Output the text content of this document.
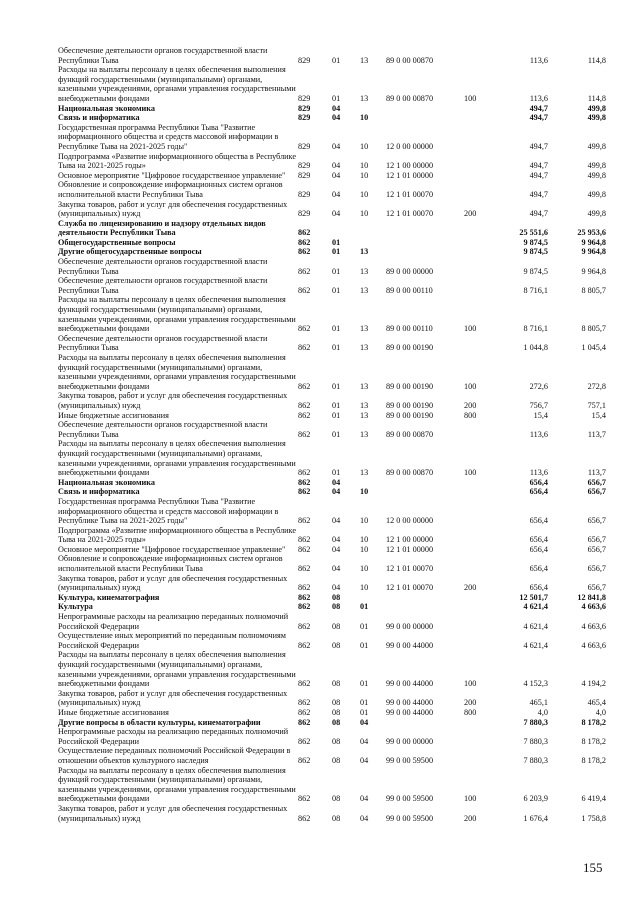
Обеспечение деятельности органов государственной власти Республики Тыва	829	01	13	89 0 00 00870		113,6	114,8
Расходы на выплаты персоналу в целях обеспечения выполнения функций государственными (муниципальными) органами, казенными учреждениями, органами управления государственными внебюджетными фондами	829	01	13	89 0 00 00870	100	113,6	114,8
Национальная экономика	829	04				494,7	499,8
Связь и информатика	829	04	10			494,7	499,8
Государственная программа Республики Тыва "Развитие информационного общества и средств массовой информации в Республике Тыва на 2021-2025 годы"	829	04	10	12 0 00 00000		494,7	499,8
Подпрограмма «Развитие информационного общества в Республике Тыва на 2021-2025 годы»	829	04	10	12 1 00 00000		494,7	499,8
Основное мероприятие "Цифровое государственное управление"	829	04	10	12 1 01 00000		494,7	499,8
Обновление и сопровождение информационных систем органов исполнительной власти Республики Тыва	829	04	10	12 1 01 00070		494,7	499,8
Закупка товаров, работ и услуг для обеспечения государственных (муниципальных) нужд	829	04	10	12 1 01 00070	200	494,7	499,8
Служба по лицензированию и надзору отдельных видов деятельности Республики Тыва	862					25 551,6	25 953,6
Общегосударственные вопросы	862	01				9 874,5	9 964,8
Другие общегосударственные вопросы	862	01	13			9 874,5	9 964,8
Обеспечение деятельности органов государственной власти Республики Тыва	862	01	13	89 0 00 00000		9 874,5	9 964,8
Обеспечение деятельности органов государственной власти Республики Тыва	862	01	13	89 0 00 00110		8 716,1	8 805,7
Расходы на выплаты персоналу в целях обеспечения выполнения функций государственными (муниципальными) органами, казенными учреждениями, органами управления государственными внебюджетными фондами	862	01	13	89 0 00 00110	100	8 716,1	8 805,7
Обеспечение деятельности органов государственной власти Республики Тыва	862	01	13	89 0 00 00190		1 044,8	1 045,4
Расходы на выплаты персоналу в целях обеспечения выполнения функций государственными (муниципальными) органами, казенными учреждениями, органами управления государственными внебюджетными фондами	862	01	13	89 0 00 00190	100	272,6	272,8
Закупка товаров, работ и услуг для обеспечения государственных (муниципальных) нужд	862	01	13	89 0 00 00190	200	756,7	757,1
Иные бюджетные ассигнования	862	01	13	89 0 00 00190	800	15,4	15,4
Обеспечение деятельности органов государственной власти Республики Тыва	862	01	13	89 0 00 00870		113,6	113,7
Расходы на выплаты персоналу в целях обеспечения выполнения функций государственными (муниципальными) органами, казенными учреждениями, органами управления государственными внебюджетными фондами	862	01	13	89 0 00 00870	100	113,6	113,7
Национальная экономика	862	04				656,4	656,7
Связь и информатика	862	04	10			656,4	656,7
Государственная программа Республики Тыва "Развитие информационного общества и средств массовой информации в Республике Тыва на 2021-2025 годы"	862	04	10	12 0 00 00000		656,4	656,7
Подпрограмма «Развитие информационного общества в Республике Тыва на 2021-2025 годы»	862	04	10	12 1 00 00000		656,4	656,7
Основное мероприятие "Цифровое государственное управление"	862	04	10	12 1 01 00000		656,4	656,7
Обновление и сопровождение информационных систем органов исполнительной власти Республики Тыва	862	04	10	12 1 01 00070		656,4	656,7
Закупка товаров, работ и услуг для обеспечения государственных (муниципальных) нужд	862	04	10	12 1 01 00070	200	656,4	656,7
Культура, кинематография	862	08				12 501,7	12 841,8
Культура	862	08	01			4 621,4	4 663,6
Непрограммные расходы на реализацию переданных полномочий Российской Федерации	862	08	01	99 0 00 00000		4 621,4	4 663,6
Осуществление иных мероприятий по переданным полномочиям Российской Федерации	862	08	01	99 0 00 44000		4 621,4	4 663,6
Расходы на выплаты персоналу в целях обеспечения выполнения функций государственными (муниципальными) органами, казенными учреждениями, органами управления государственными внебюджетными фондами	862	08	01	99 0 00 44000	100	4 152,3	4 194,2
Закупка товаров, работ и услуг для обеспечения государственных (муниципальных) нужд	862	08	01	99 0 00 44000	200	465,1	465,4
Иные бюджетные ассигнования	862	08	01	99 0 00 44000	800	4,0	4,0
Другие вопросы в области культуры, кинематографии	862	08	04			7 880,3	8 178,2
Непрограммные расходы на реализацию переданных полномочий Российской Федерации	862	08	04	99 0 00 00000		7 880,3	8 178,2
Осуществление переданных полномочий Российской Федерации в отношении объектов культурного наследия	862	08	04	99 0 00 59500		7 880,3	8 178,2
Расходы на выплаты персоналу в целях обеспечения выполнения функций государственными (муниципальными) органами, казенными учреждениями, органами управления государственными внебюджетными фондами	862	08	04	99 0 00 59500	100	6 203,9	6 419,4
Закупка товаров, работ и услуг для обеспечения государственных (муниципальных) нужд	862	08	04	99 0 00 59500	200	1 676,4	1 758,8
155
